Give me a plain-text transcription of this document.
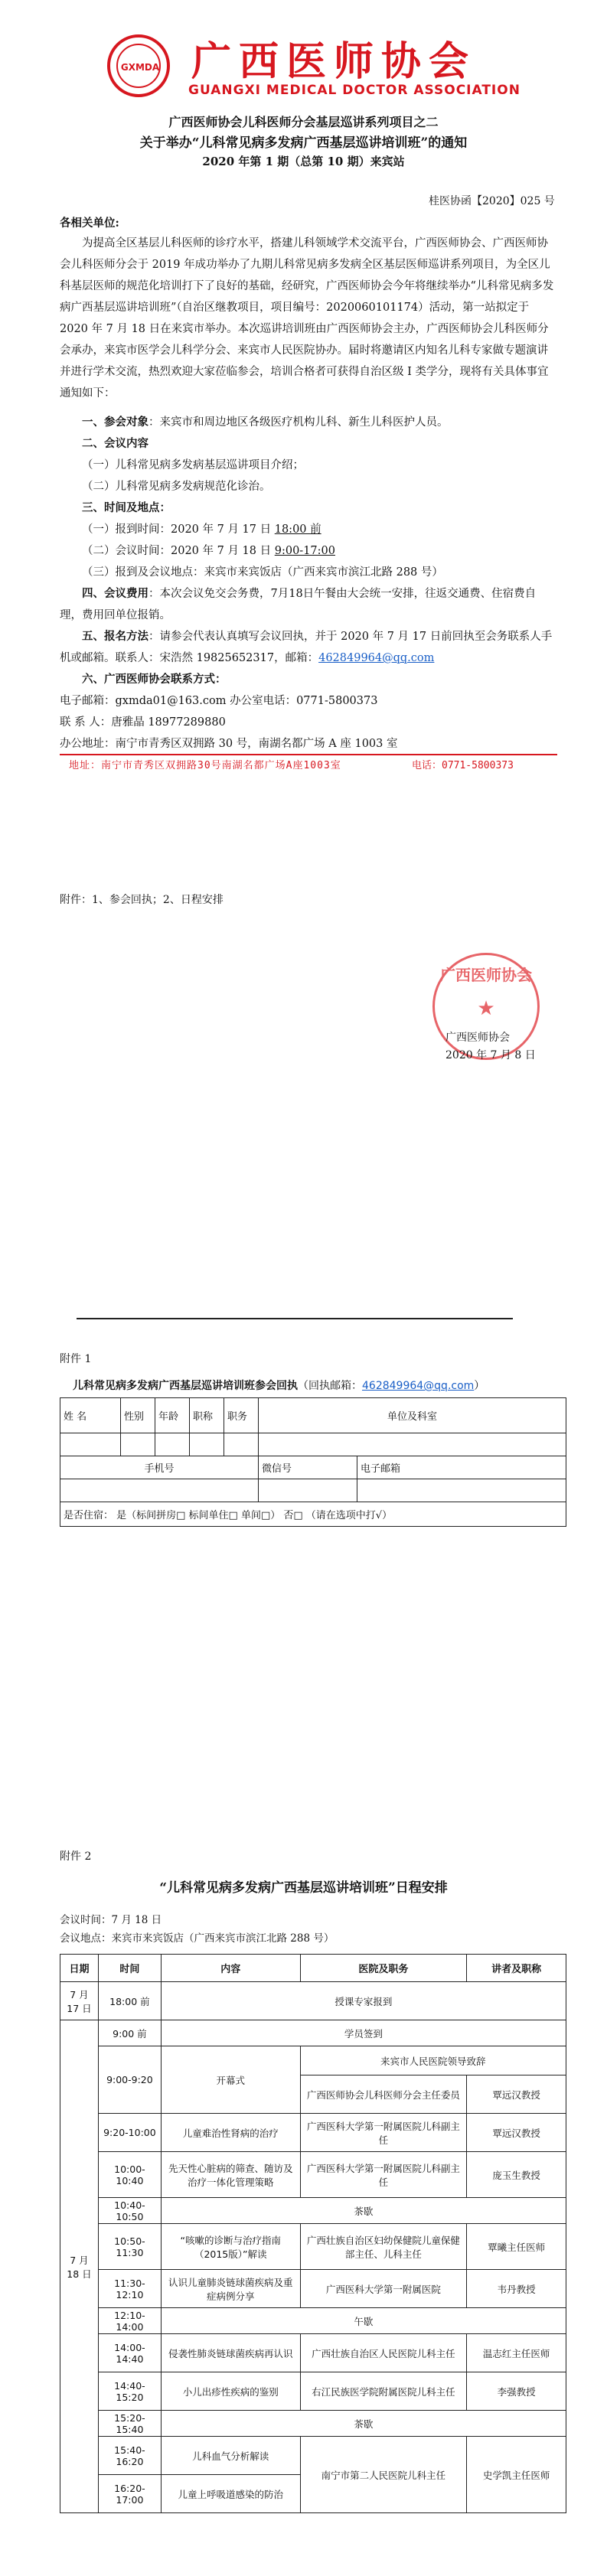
GXMDA 广西医师协会
GUANGXI MEDICAL DOCTOR ASSOCIATION
广西医师协会儿科医师分会基层巡讲系列项目之二
关于举办“儿科常见病多发病广西基层巡讲培训班”的通知
2020 年第 1 期（总第 10 期）来宾站
桂医协函【2020】025 号
各相关单位:
为提高全区基层儿科医师的诊疗水平，搭建儿科领域学术交流平台，广西医师协会、广西医师协会儿科医师分会于 2019 年成功举办了九期儿科常见病多发病全区基层医师巡讲系列项目，为全区儿科基层医师的规范化培训打下了良好的基础，经研究，广西医师协会今年将继续举办“儿科常见病多发病广西基层巡讲培训班”（自治区继教项目，项目编号：2020060101174）活动，第一站拟定于 2020 年 7 月 18 日在来宾市举办。本次巡讲培训班由广西医师协会主办，广西医师协会儿科医师分会承办，来宾市医学会儿科学分会、来宾市人民医院协办。届时将邀请区内知名儿科专家做专题演讲并进行学术交流，热烈欢迎大家莅临参会，培训合格者可获得自治区级 I 类学分，现将有关具体事宜通知如下：
一、参会对象：来宾市和周边地区各级医疗机构儿科、新生儿科医护人员。
二、会议内容
（一）儿科常见病多发病基层巡讲项目介绍；
（二）儿科常见病多发病规范化诊治。
三、时间及地点：
（一）报到时间：2020 年 7 月 17 日 18:00 前
（二）会议时间：2020 年 7 月 18 日 9:00-17:00
（三）报到及会议地点：来宾市来宾饭店（广西来宾市滨江北路 288 号）
四、会议费用：本次会议免交会务费，7月18日午餐由大会统一安排，往返交通费、住宿费自理，费用回单位报销。
五、报名方法：请参会代表认真填写会议回执，并于 2020 年 7 月 17 日前回执至会务联系人手机或邮箱。联系人：宋浩然 19825652317，邮箱：462849964@qq.com
六、广西医师协会联系方式：
电子邮箱：gxmda01@163.com 办公室电话：0771-5800373
联 系 人：唐雅晶 18977289880
办公地址：南宁市青秀区双拥路 30 号，南湖名都广场 A 座 1003 室
地址：南宁市青秀区双拥路30号南湖名都广场A座1003室	电话：0771-5800373
附件：1、参会回执；2、日程安排
广西医师协会
★
广西医师协会
2020 年 7 月 8 日
附件 1
儿科常见病多发病广西基层巡讲培训班参会回执（回执邮箱：462849964@qq.com）
姓 名	性别	年龄	职称	职务	单位及科室	

手机号					微信号	电子邮箱

是否住宿： 是（标间拼房□ 标间单住□ 单间□） 否□ （请在选项中打√）						
附件 2
“儿科常见病多发病广西基层巡讲培训班”日程安排
会议时间：7 月 18 日
会议地点：来宾市来宾饭店（广西来宾市滨江北路 288 号）
日期	时间	内容	医院及职务	讲者及职称
7 月
17 日	18:00 前	授课专家报到		
7 月
18 日	9:00 前	学员签到		
	9:00-9:20	开幕式	来宾市人民医院领导致辞	
			广西医师协会儿科医师分会主任委员	覃远汉教授
	9:20-10:00	儿童难治性肾病的治疗	广西医科大学第一附属医院儿科副主任	覃远汉教授
	10:00-10:40	先天性心脏病的筛查、随访及治疗一体化管理策略	广西医科大学第一附属医院儿科副主任	庞玉生教授
	10:40-10:50	茶歇		
	10:50-11:30	“咳嗽的诊断与治疗指南（2015版）”解读	广西壮族自治区妇幼保健院儿童保健部主任、儿科主任	覃曦主任医师
	11:30-12:10	认识儿童肺炎链球菌疾病及重症病例分享	广西医科大学第一附属医院	韦丹教授
	12:10-14:00	午歇		
	14:00-14:40	侵袭性肺炎链球菌疾病再认识	广西壮族自治区人民医院儿科主任	温志红主任医师
	14:40-15:20	小儿出疹性疾病的鉴别	右江民族医学院附属医院儿科主任	李强教授
	15:20-15:40	茶歇		
	15:40-16:20	儿科血气分析解读	南宁市第二人民医院儿科主任	史学凯主任医师
	16:20-17:00	儿童上呼吸道感染的防治		
